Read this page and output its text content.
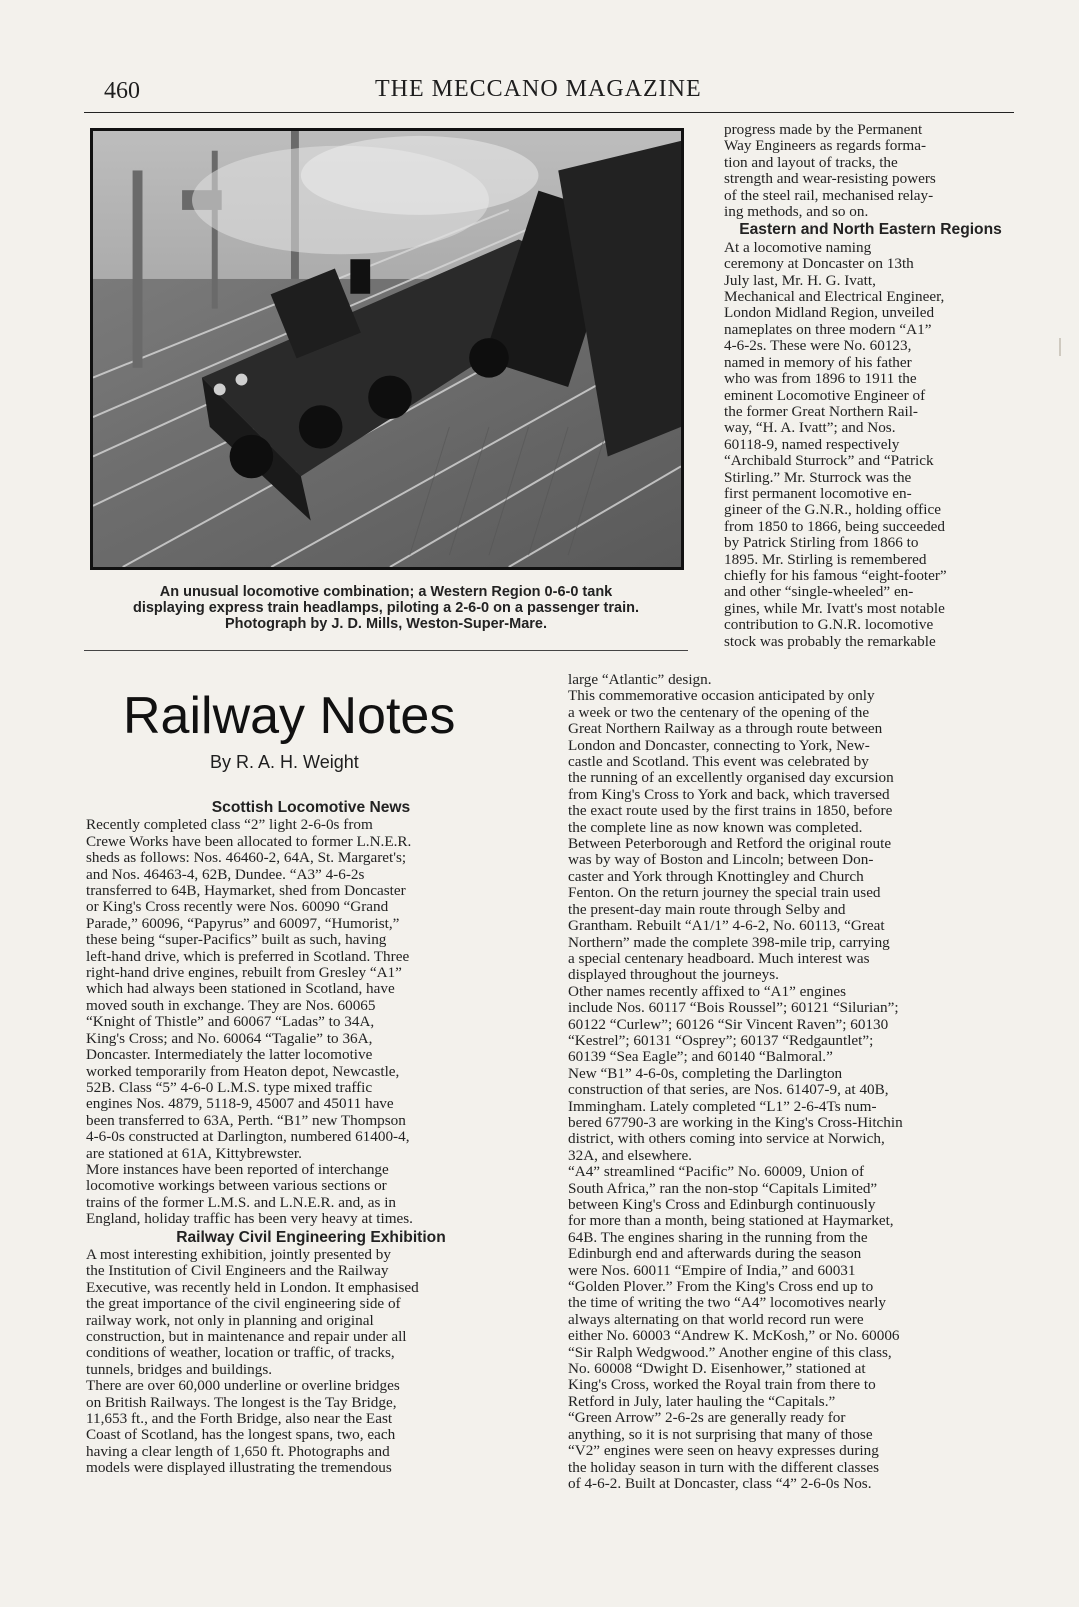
460	THE MECCANO MAGAZINE
An unusual locomotive combination; a Western Region 0-6-0 tank
displaying express train headlamps, piloting a 2-6-0 on a passenger train.
Photograph by J. D. Mills, Weston-Super-Mare.
Railway Notes
By R. A. H. Weight
progress made by the Permanent
Way Engineers as regards forma-
tion and layout of tracks, the
strength and wear-resisting powers
of the steel rail, mechanised relay-
ing methods, and so on.
Eastern and North Eastern Regions
At a locomotive naming
ceremony at Doncaster on 13th
July last, Mr. H. G. Ivatt,
Mechanical and Electrical Engineer,
London Midland Region, unveiled
nameplates on three modern “A1”
4-6-2s. These were No. 60123,
named in memory of his father
who was from 1896 to 1911 the
eminent Locomotive Engineer of
the former Great Northern Rail-
way, “H. A. Ivatt”; and Nos.
60118-9, named respectively
“Archibald Sturrock” and “Patrick
Stirling.” Mr. Sturrock was the
first permanent locomotive en-
gineer of the G.N.R., holding office
from 1850 to 1866, being succeeded
by Patrick Stirling from 1866 to
1895. Mr. Stirling is remembered
chiefly for his famous “eight-footer”
and other “single-wheeled” en-
gines, while Mr. Ivatt's most notable
contribution to G.N.R. locomotive
stock was probably the remarkable
Scottish Locomotive News
Recently completed class “2” light 2-6-0s from
Crewe Works have been allocated to former L.N.E.R.
sheds as follows: Nos. 46460-2, 64A, St. Margaret's;
and Nos. 46463-4, 62B, Dundee. “A3” 4-6-2s
transferred to 64B, Haymarket, shed from Doncaster
or King's Cross recently were Nos. 60090 “Grand
Parade,” 60096, “Papyrus” and 60097, “Humorist,”
these being “super-Pacifics” built as such, having
left-hand drive, which is preferred in Scotland. Three
right-hand drive engines, rebuilt from Gresley “A1”
which had always been stationed in Scotland, have
moved south in exchange. They are Nos. 60065
“Knight of Thistle” and 60067 “Ladas” to 34A,
King's Cross; and No. 60064 “Tagalie” to 36A,
Doncaster. Intermediately the latter locomotive
worked temporarily from Heaton depot, Newcastle,
52B. Class “5” 4-6-0 L.M.S. type mixed traffic
engines Nos. 4879, 5118-9, 45007 and 45011 have
been transferred to 63A, Perth. “B1” new Thompson
4-6-0s constructed at Darlington, numbered 61400-4,
are stationed at 61A, Kittybrewster.
More instances have been reported of interchange
locomotive workings between various sections or
trains of the former L.M.S. and L.N.E.R. and, as in
England, holiday traffic has been very heavy at times.
Railway Civil Engineering Exhibition
A most interesting exhibition, jointly presented by
the Institution of Civil Engineers and the Railway
Executive, was recently held in London. It emphasised
the great importance of the civil engineering side of
railway work, not only in planning and original
construction, but in maintenance and repair under all
conditions of weather, location or traffic, of tracks,
tunnels, bridges and buildings.
There are over 60,000 underline or overline bridges
on British Railways. The longest is the Tay Bridge,
11,653 ft., and the Forth Bridge, also near the East
Coast of Scotland, has the longest spans, two, each
having a clear length of 1,650 ft. Photographs and
models were displayed illustrating the tremendous
large “Atlantic” design.
This commemorative occasion anticipated by only
a week or two the centenary of the opening of the
Great Northern Railway as a through route between
London and Doncaster, connecting to York, New-
castle and Scotland. This event was celebrated by
the running of an excellently organised day excursion
from King's Cross to York and back, which traversed
the exact route used by the first trains in 1850, before
the complete line as now known was completed.
Between Peterborough and Retford the original route
was by way of Boston and Lincoln; between Don-
caster and York through Knottingley and Church
Fenton. On the return journey the special train used
the present-day main route through Selby and
Grantham. Rebuilt “A1/1” 4-6-2, No. 60113, “Great
Northern” made the complete 398-mile trip, carrying
a special centenary headboard. Much interest was
displayed throughout the journeys.
Other names recently affixed to “A1” engines
include Nos. 60117 “Bois Roussel”; 60121 “Silurian”;
60122 “Curlew”; 60126 “Sir Vincent Raven”; 60130
“Kestrel”; 60131 “Osprey”; 60137 “Redgauntlet”;
60139 “Sea Eagle”; and 60140 “Balmoral.”
New “B1” 4-6-0s, completing the Darlington
construction of that series, are Nos. 61407-9, at 40B,
Immingham. Lately completed “L1” 2-6-4Ts num-
bered 67790-3 are working in the King's Cross-Hitchin
district, with others coming into service at Norwich,
32A, and elsewhere.
“A4” streamlined “Pacific” No. 60009, Union of
South Africa,” ran the non-stop “Capitals Limited”
between King's Cross and Edinburgh continuously
for more than a month, being stationed at Haymarket,
64B. The engines sharing in the running from the
Edinburgh end and afterwards during the season
were Nos. 60011 “Empire of India,” and 60031
“Golden Plover.” From the King's Cross end up to
the time of writing the two “A4” locomotives nearly
always alternating on that world record run were
either No. 60003 “Andrew K. McKosh,” or No. 60006
“Sir Ralph Wedgwood.” Another engine of this class,
No. 60008 “Dwight D. Eisenhower,” stationed at
King's Cross, worked the Royal train from there to
Retford in July, later hauling the “Capitals.”
“Green Arrow” 2-6-2s are generally ready for
anything, so it is not surprising that many of those
“V2” engines were seen on heavy expresses during
the holiday season in turn with the different classes
of 4-6-2. Built at Doncaster, class “4” 2-6-0s Nos.
